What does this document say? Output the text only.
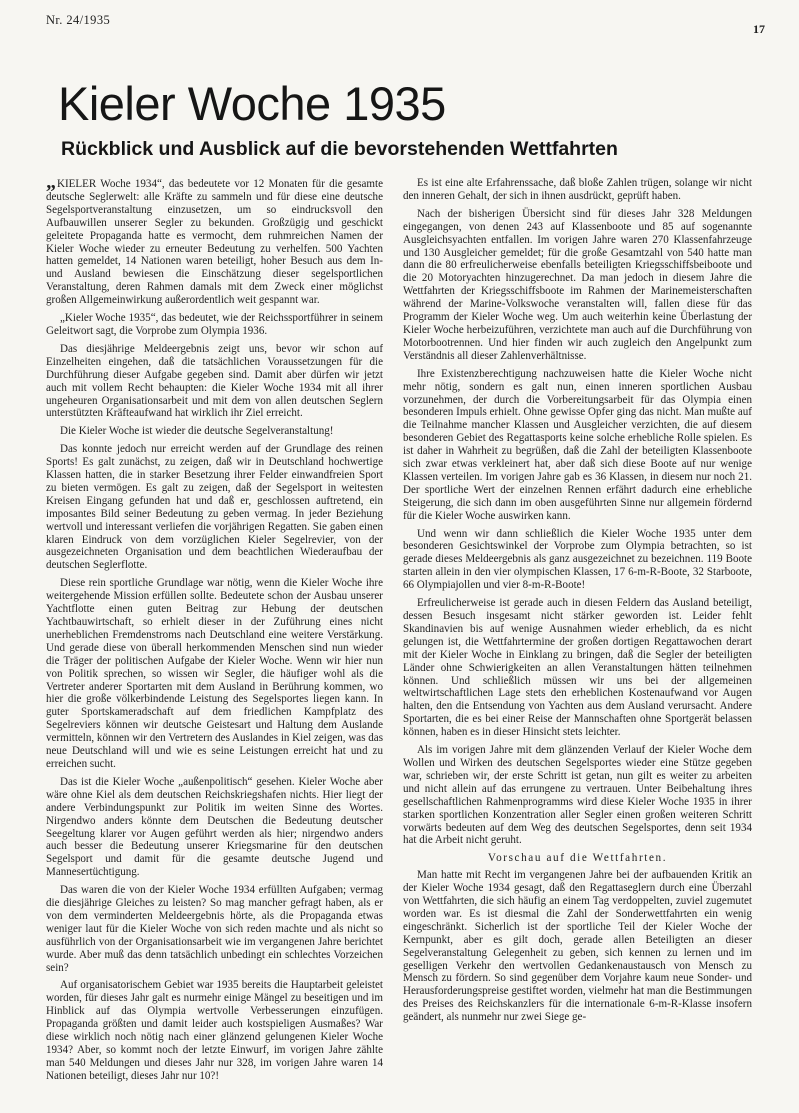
Nr. 24/1935
17
Kieler Woche 1935
Rückblick und Ausblick auf die bevorstehenden Wettfahrten

„KIELER Woche 1934“, das bedeutete vor 12 Monaten für die gesamte deutsche Seglerwelt: alle Kräfte zu sammeln und für diese eine deutsche Segelsportveranstaltung einzusetzen, um so eindrucksvoll den Aufbauwillen unserer Segler zu bekunden. Großzügig und geschickt geleitete Propaganda hatte es vermocht, dem ruhmreichen Namen der Kieler Woche wieder zu erneuter Bedeutung zu verhelfen. 500 Yachten hatten gemeldet, 14 Nationen waren beteiligt, hoher Besuch aus dem In- und Ausland bewiesen die Einschätzung dieser segelsportlichen Veranstaltung, deren Rahmen damals mit dem Zweck einer möglichst großen Allgemeinwirkung außerordentlich weit gespannt war.

„Kieler Woche 1935“, das bedeutet, wie der Reichssportführer in seinem Geleitwort sagt, die Vorprobe zum Olympia 1936.

Das diesjährige Meldeergebnis zeigt uns, bevor wir schon auf Einzelheiten eingehen, daß die tatsächlichen Voraussetzungen für die Durchführung dieser Aufgabe gegeben sind. Damit aber dürfen wir jetzt auch mit vollem Recht behaupten: die Kieler Woche 1934 mit all ihrer ungeheuren Organisationsarbeit und mit dem von allen deutschen Seglern unterstützten Kräfteaufwand hat wirklich ihr Ziel erreicht.

Die Kieler Woche ist wieder die deutsche Segelveranstaltung!

Das konnte jedoch nur erreicht werden auf der Grundlage des reinen Sports! Es galt zunächst, zu zeigen, daß wir in Deutschland hochwertige Klassen hatten, die in starker Besetzung ihrer Felder einwandfreien Sport zu bieten vermögen. Es galt zu zeigen, daß der Segelsport in weitesten Kreisen Eingang gefunden hat und daß er, geschlossen auftretend, ein imposantes Bild seiner Bedeutung zu geben vermag. In jeder Beziehung wertvoll und interessant verliefen die vorjährigen Regatten. Sie gaben einen klaren Eindruck von dem vorzüglichen Kieler Segelrevier, von der ausgezeichneten Organisation und dem beachtlichen Wiederaufbau der deutschen Seglerflotte.

Diese rein sportliche Grundlage war nötig, wenn die Kieler Woche ihre weitergehende Mission erfüllen sollte. Bedeutete schon der Ausbau unserer Yachtflotte einen guten Beitrag zur Hebung der deutschen Yachtbauwirtschaft, so erhielt dieser in der Zuführung eines nicht unerheblichen Fremdenstroms nach Deutschland eine weitere Verstärkung. Und gerade diese von überall herkommenden Menschen sind nun wieder die Träger der politischen Aufgabe der Kieler Woche. Wenn wir hier nun von Politik sprechen, so wissen wir Segler, die häufiger wohl als die Vertreter anderer Sportarten mit dem Ausland in Berührung kommen, wo hier die große völkerbindende Leistung des Segelsportes liegen kann. In guter Sportskameradschaft auf dem friedlichen Kampfplatz des Segelreviers können wir deutsche Geistesart und Haltung dem Auslande vermitteln, können wir den Vertretern des Auslandes in Kiel zeigen, was das neue Deutschland will und wie es seine Leistungen erreicht hat und zu erreichen sucht.

Das ist die Kieler Woche „außenpolitisch“ gesehen. Kieler Woche aber wäre ohne Kiel als dem deutschen Reichskriegshafen nichts. Hier liegt der andere Verbindungspunkt zur Politik im weiten Sinne des Wortes. Nirgendwo anders könnte dem Deutschen die Bedeutung deutscher Seegeltung klarer vor Augen geführt werden als hier; nirgendwo anders auch besser die Bedeutung unserer Kriegsmarine für den deutschen Segelsport und damit für die gesamte deutsche Jugend und Mannesertüchtigung.

Das waren die von der Kieler Woche 1934 erfüllten Aufgaben; vermag die diesjährige Gleiches zu leisten? So mag mancher gefragt haben, als er von dem verminderten Meldeergebnis hörte, als die Propaganda etwas weniger laut für die Kieler Woche von sich reden machte und als nicht so ausführlich von der Organisationsarbeit wie im vergangenen Jahre berichtet wurde. Aber muß das denn tatsächlich unbedingt ein schlechtes Vorzeichen sein?

Auf organisatorischem Gebiet war 1935 bereits die Hauptarbeit geleistet worden, für dieses Jahr galt es nurmehr einige Mängel zu beseitigen und im Hinblick auf das Olympia wertvolle Verbesserungen einzufügen. Propaganda größten und damit leider auch kostspieligen Ausmaßes? War diese wirklich noch nötig nach einer glänzend gelungenen Kieler Woche 1934? Aber, so kommt noch der letzte Einwurf, im vorigen Jahre zählte man 540 Meldungen und dieses Jahr nur 328, im vorigen Jahre waren 14 Nationen beteiligt, dieses Jahr nur 10?!

Es ist eine alte Erfahrenssache, daß bloße Zahlen trügen, solange wir nicht den inneren Gehalt, der sich in ihnen ausdrückt, geprüft haben.

Nach der bisherigen Übersicht sind für dieses Jahr 328 Meldungen eingegangen, von denen 243 auf Klassenboote und 85 auf sogenannte Ausgleichsyachten entfallen. Im vorigen Jahre waren 270 Klassenfahrzeuge und 130 Ausgleicher gemeldet; für die große Gesamtzahl von 540 hatte man dann die 80 erfreulicherweise ebenfalls beteiligten Kriegsschiffsbeiboote und die 20 Motoryachten hinzugerechnet. Da man jedoch in diesem Jahre die Wettfahrten der Kriegsschiffsboote im Rahmen der Marinemeisterschaften während der Marine-Volkswoche veranstalten will, fallen diese für das Programm der Kieler Woche weg. Um auch weiterhin keine Überlastung der Kieler Woche herbeizuführen, verzichtete man auch auf die Durchführung von Motorbootrennen. Und hier finden wir auch zugleich den Angelpunkt zum Verständnis all dieser Zahlenverhältnisse.

Ihre Existenzberechtigung nachzuweisen hatte die Kieler Woche nicht mehr nötig, sondern es galt nun, einen inneren sportlichen Ausbau vorzunehmen, der durch die Vorbereitungsarbeit für das Olympia einen besonderen Impuls erhielt. Ohne gewisse Opfer ging das nicht. Man mußte auf die Teilnahme mancher Klassen und Ausgleicher verzichten, die auf diesem besonderen Gebiet des Regattasports keine solche erhebliche Rolle spielen. Es ist daher in Wahrheit zu begrüßen, daß die Zahl der beteiligten Klassenboote sich zwar etwas verkleinert hat, aber daß sich diese Boote auf nur wenige Klassen verteilen. Im vorigen Jahre gab es 36 Klassen, in diesem nur noch 21. Der sportliche Wert der einzelnen Rennen erfährt dadurch eine erhebliche Steigerung, die sich dann im oben ausgeführten Sinne nur allgemein fördernd für die Kieler Woche auswirken kann.

Und wenn wir dann schließlich die Kieler Woche 1935 unter dem besonderen Gesichtswinkel der Vorprobe zum Olympia betrachten, so ist gerade dieses Meldeergebnis als ganz ausgezeichnet zu bezeichnen. 119 Boote starten allein in den vier olympischen Klassen, 17 6-m-R-Boote, 32 Starboote, 66 Olympiajollen und vier 8-m-R-Boote!

Erfreulicherweise ist gerade auch in diesen Feldern das Ausland beteiligt, dessen Besuch insgesamt nicht stärker geworden ist. Leider fehlt Skandinavien bis auf wenige Ausnahmen wieder erheblich, da es nicht gelungen ist, die Wettfahrtermine der großen dortigen Regattawochen derart mit der Kieler Woche in Einklang zu bringen, daß die Segler der beteiligten Länder ohne Schwierigkeiten an allen Veranstaltungen hätten teilnehmen können. Und schließlich müssen wir uns bei der allgemeinen weltwirtschaftlichen Lage stets den erheblichen Kostenaufwand vor Augen halten, den die Entsendung von Yachten aus dem Ausland verursacht. Andere Sportarten, die es bei einer Reise der Mannschaften ohne Sportgerät belassen können, haben es in dieser Hinsicht stets leichter.

Als im vorigen Jahre mit dem glänzenden Verlauf der Kieler Woche dem Wollen und Wirken des deutschen Segelsportes wieder eine Stütze gegeben war, schrieben wir, der erste Schritt ist getan, nun gilt es weiter zu arbeiten und nicht allein auf das errungene zu vertrauen. Unter Beibehaltung ihres gesellschaftlichen Rahmenprogramms wird diese Kieler Woche 1935 in ihrer starken sportlichen Konzentration aller Segler einen großen weiteren Schritt vorwärts bedeuten auf dem Weg des deutschen Segelsportes, denn seit 1934 hat die Arbeit nicht geruht.

Vorschau auf die Wettfahrten.

Man hatte mit Recht im vergangenen Jahre bei der aufbauenden Kritik an der Kieler Woche 1934 gesagt, daß den Regattaseglern durch eine Überzahl von Wettfahrten, die sich häufig an einem Tag verdoppelten, zuviel zugemutet worden war. Es ist diesmal die Zahl der Sonderwettfahrten ein wenig eingeschränkt. Sicherlich ist der sportliche Teil der Kieler Woche der Kernpunkt, aber es gilt doch, gerade allen Beteiligten an dieser Segelveranstaltung Gelegenheit zu geben, sich kennen zu lernen und im geselligen Verkehr den wertvollen Gedankenaustausch von Mensch zu Mensch zu fördern. So sind gegenüber dem Vorjahre kaum neue Sonder- und Herausforderungspreise gestiftet worden, vielmehr hat man die Bestimmungen des Preises des Reichskanzlers für die internationale 6-m-R-Klasse insofern geändert, als nunmehr nur zwei Siege ge-
